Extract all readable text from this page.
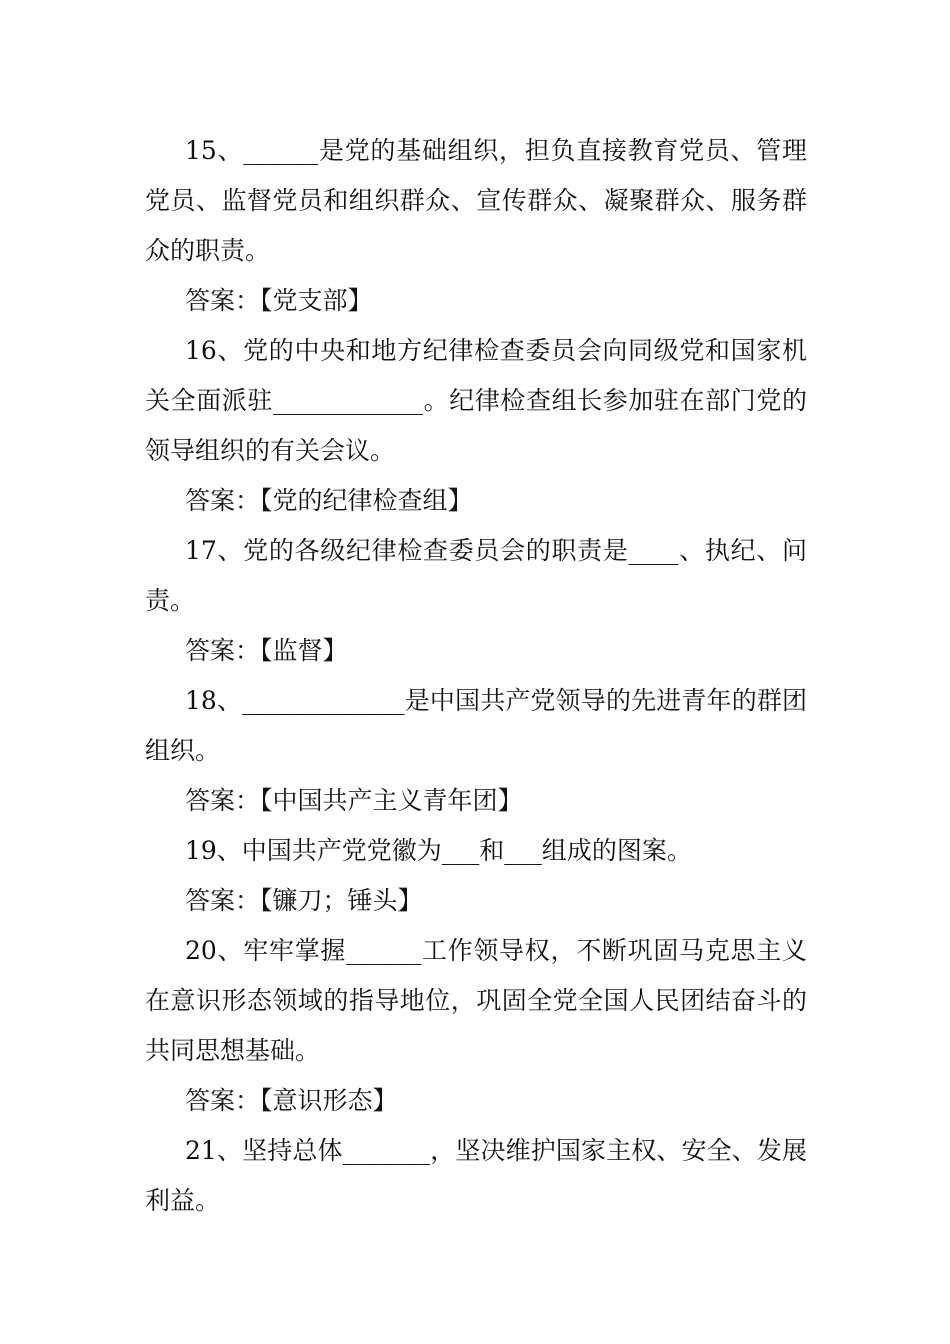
15、______是党的基础组织，担负直接教育党员、管理党员、监督党员和组织群众、宣传群众、凝聚群众、服务群众的职责。

答案：【党支部】

16、党的中央和地方纪律检查委员会向同级党和国家机关全面派驻____________。纪律检查组长参加驻在部门党的领导组织的有关会议。

答案：【党的纪律检查组】

17、党的各级纪律检查委员会的职责是____、执纪、问责。

答案：【监督】

18、_____________是中国共产党领导的先进青年的群团组织。

答案：【中国共产主义青年团】

19、中国共产党党徽为___和___组成的图案。

答案：【镰刀；锤头】

20、牢牢掌握______工作领导权，不断巩固马克思主义在意识形态领域的指导地位，巩固全党全国人民团结奋斗的共同思想基础。

答案：【意识形态】

21、坚持总体_______，坚决维护国家主权、安全、发展利益。
